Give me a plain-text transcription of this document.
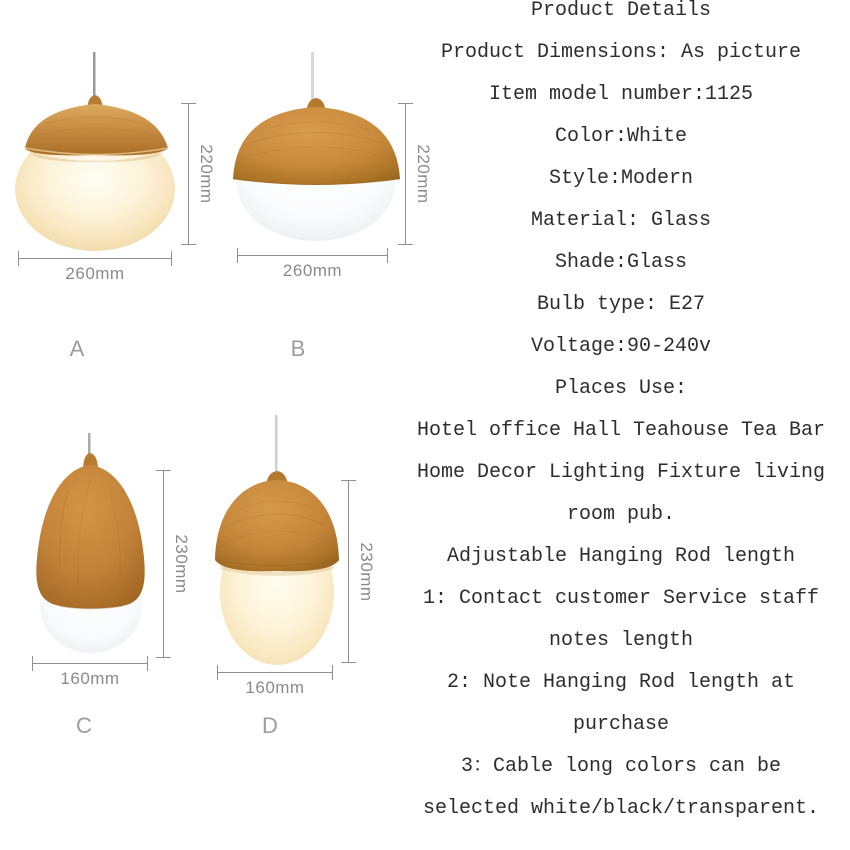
220mm
260mm
A
220mm
260mm
B
230mm
160mm
C
230mm
160mm
D
Product Details
Product Dimensions: As picture
Item model number:1125
Color:White
Style:Modern
Material: Glass
Shade:Glass
Bulb type: E27
Voltage:90-240v
Places Use:
Hotel office Hall Teahouse Tea Bar
Home Decor Lighting Fixture living
room pub.
Adjustable Hanging Rod length
1: Contact customer Service staff
notes length
2: Note Hanging Rod length at
purchase
3：Cable long colors can be
selected white/black/transparent.
